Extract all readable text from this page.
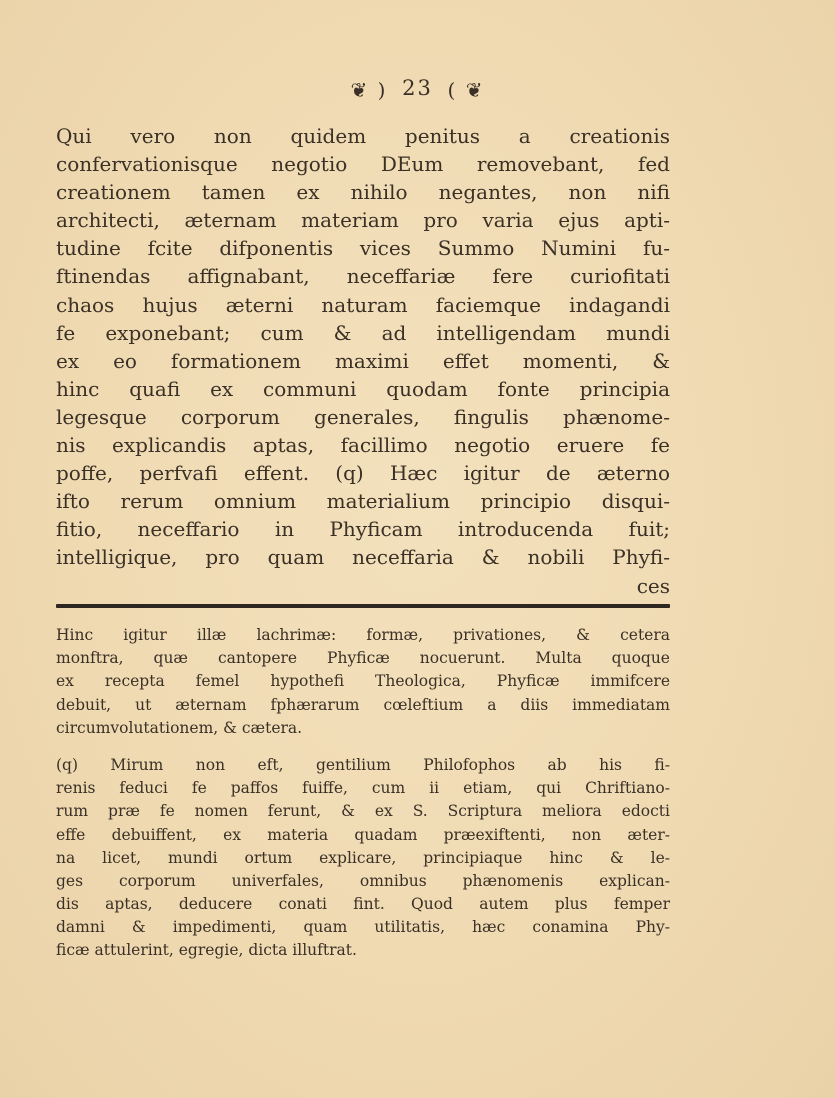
❦ ) 23 ( ❦
Qui vero non quidem penitus a creationis
confervationisque negotio DEum removebant, fed
creationem tamen ex nihilo negantes, non nifi
architecti, æternam materiam pro varia ejus apti-
tudine fcite difponentis vices Summo Numini fu-
ftinendas affignabant, neceffariæ fere curiofitati
chaos hujus æterni naturam faciemque indagandi
fe exponebant; cum & ad intelligendam mundi
ex eo formationem maximi effet momenti, &
hinc quafi ex communi quodam fonte principia
legesque corporum generales, fingulis phænome-
nis explicandis aptas, facillimo negotio eruere fe
poffe, perfvafi effent. (q) Hæc igitur de æterno
ifto rerum omnium materialium principio disqui-
fitio, neceffario in Phyficam introducenda fuit;
intelligique, pro quam neceffaria & nobili Phyfi-
ces
Hinc igitur illæ lachrimæ: formæ, privationes, & cetera
monftra, quæ cantopere Phyficæ nocuerunt. Multa quoque
ex recepta femel hypothefi Theologica, Phyficæ immifcere
debuit, ut æternam fphærarum cœleftium a diis immediatam
circumvolutationem, & cætera.
(q) Mirum non eft, gentilium Philofophos ab his fi-
renis feduci fe paffos fuiffe, cum ii etiam, qui Chriftiano-
rum præ fe nomen ferunt, & ex S. Scriptura meliora edocti
effe debuiffent, ex materia quadam præexiftenti, non æter-
na licet, mundi ortum explicare, principiaque hinc & le-
ges corporum univerfales, omnibus phænomenis explican-
dis aptas, deducere conati fint. Quod autem plus femper
damni & impedimenti, quam utilitatis, hæc conamina Phy-
ficæ attulerint, egregie, dicta illuftrat.
